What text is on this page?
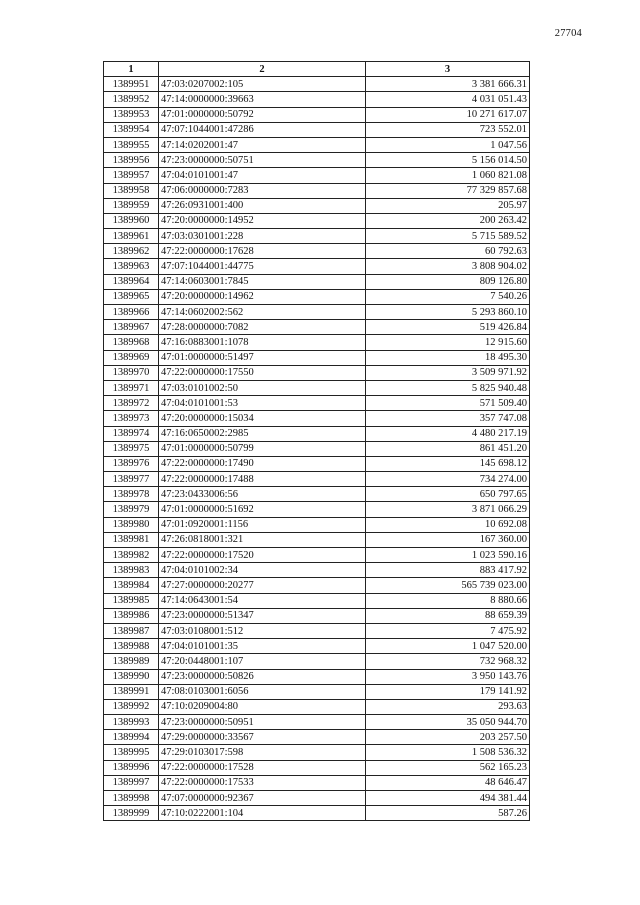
27704
1	2	3
1389951	47:03:0207002:105	3 381 666.31
1389952	47:14:0000000:39663	4 031 051.43
1389953	47:01:0000000:50792	10 271 617.07
1389954	47:07:1044001:47286	723 552.01
1389955	47:14:0202001:47	1 047.56
1389956	47:23:0000000:50751	5 156 014.50
1389957	47:04:0101001:47	1 060 821.08
1389958	47:06:0000000:7283	77 329 857.68
1389959	47:26:0931001:400	205.97
1389960	47:20:0000000:14952	200 263.42
1389961	47:03:0301001:228	5 715 589.52
1389962	47:22:0000000:17628	60 792.63
1389963	47:07:1044001:44775	3 808 904.02
1389964	47:14:0603001:7845	809 126.80
1389965	47:20:0000000:14962	7 540.26
1389966	47:14:0602002:562	5 293 860.10
1389967	47:28:0000000:7082	519 426.84
1389968	47:16:0883001:1078	12 915.60
1389969	47:01:0000000:51497	18 495.30
1389970	47:22:0000000:17550	3 509 971.92
1389971	47:03:0101002:50	5 825 940.48
1389972	47:04:0101001:53	571 509.40
1389973	47:20:0000000:15034	357 747.08
1389974	47:16:0650002:2985	4 480 217.19
1389975	47:01:0000000:50799	861 451.20
1389976	47:22:0000000:17490	145 698.12
1389977	47:22:0000000:17488	734 274.00
1389978	47:23:0433006:56	650 797.65
1389979	47:01:0000000:51692	3 871 066.29
1389980	47:01:0920001:1156	10 692.08
1389981	47:26:0818001:321	167 360.00
1389982	47:22:0000000:17520	1 023 590.16
1389983	47:04:0101002:34	883 417.92
1389984	47:27:0000000:20277	565 739 023.00
1389985	47:14:0643001:54	8 880.66
1389986	47:23:0000000:51347	88 659.39
1389987	47:03:0108001:512	7 475.92
1389988	47:04:0101001:35	1 047 520.00
1389989	47:20:0448001:107	732 968.32
1389990	47:23:0000000:50826	3 950 143.76
1389991	47:08:0103001:6056	179 141.92
1389992	47:10:0209004:80	293.63
1389993	47:23:0000000:50951	35 050 944.70
1389994	47:29:0000000:33567	203 257.50
1389995	47:29:0103017:598	1 508 536.32
1389996	47:22:0000000:17528	562 165.23
1389997	47:22:0000000:17533	48 646.47
1389998	47:07:0000000:92367	494 381.44
1389999	47:10:0222001:104	587.26
